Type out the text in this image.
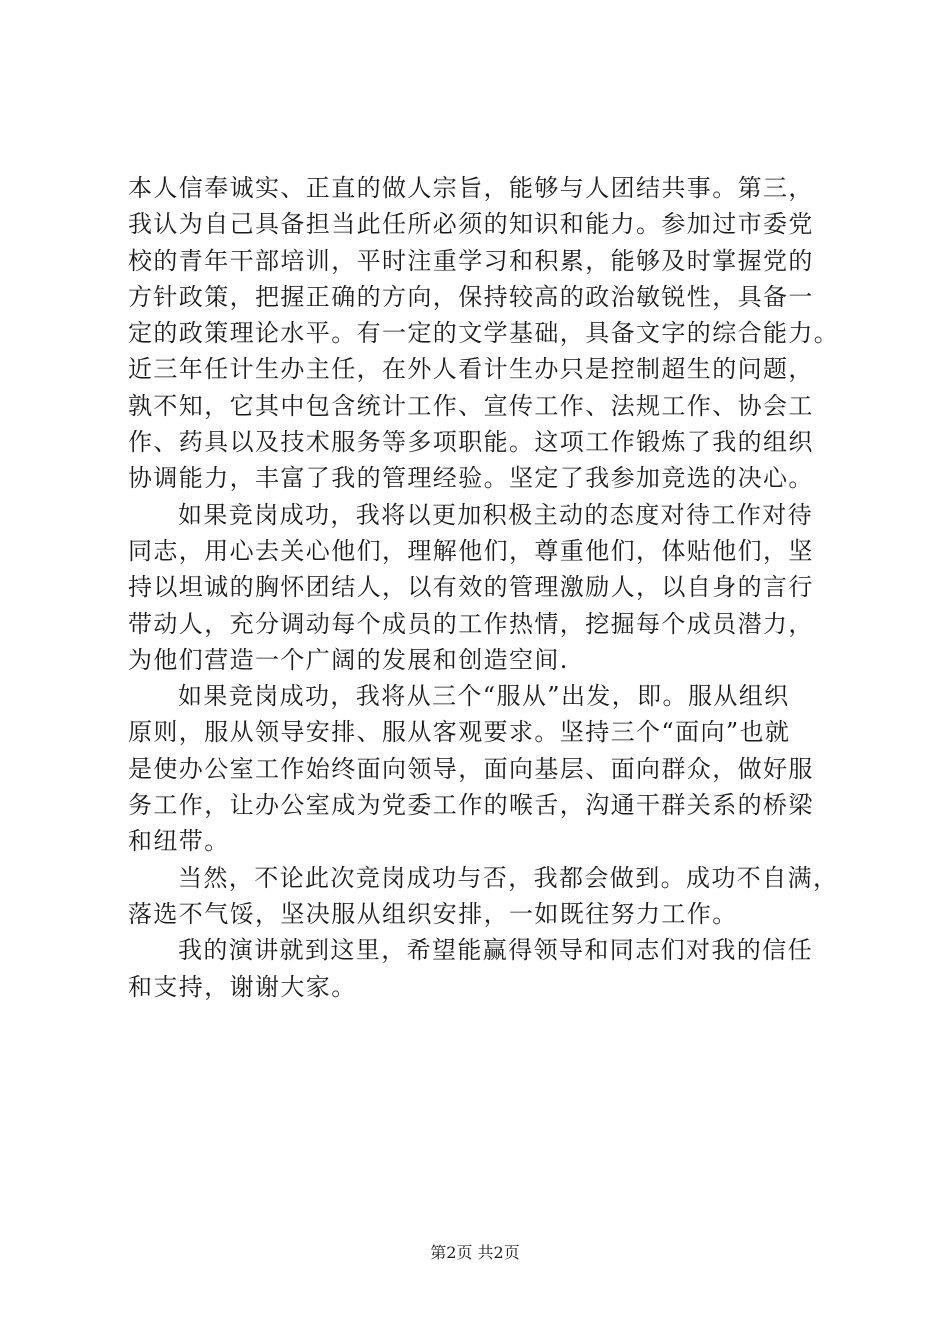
本人信奉诚实、正直的做人宗旨，能够与人团结共事。第三，
我认为自己具备担当此任所必须的知识和能力。参加过市委党
校的青年干部培训，平时注重学习和积累，能够及时掌握党的
方针政策，把握正确的方向，保持较高的政治敏锐性，具备一
定的政策理论水平。有一定的文学基础，具备文字的综合能力。
近三年任计生办主任，在外人看计生办只是控制超生的问题，
孰不知，它其中包含统计工作、宣传工作、法规工作、协会工
作、药具以及技术服务等多项职能。这项工作锻炼了我的组织
协调能力，丰富了我的管理经验。坚定了我参加竞选的决心。
如果竞岗成功，我将以更加积极主动的态度对待工作对待
同志，用心去关心他们，理解他们，尊重他们，体贴他们，坚
持以坦诚的胸怀团结人，以有效的管理激励人，以自身的言行
带动人，充分调动每个成员的工作热情，挖掘每个成员潜力，
为他们营造一个广阔的发展和创造空间.
如果竞岗成功，我将从三个“服从”出发，即。服从组织
原则，服从领导安排、服从客观要求。坚持三个“面向”也就
是使办公室工作始终面向领导，面向基层、面向群众，做好服
务工作，让办公室成为党委工作的喉舌，沟通干群关系的桥梁
和纽带。
当然，不论此次竞岗成功与否，我都会做到。成功不自满，
落选不气馁，坚决服从组织安排，一如既往努力工作。
我的演讲就到这里，希望能赢得领导和同志们对我的信任
和支持，谢谢大家。
第2页 共2页
